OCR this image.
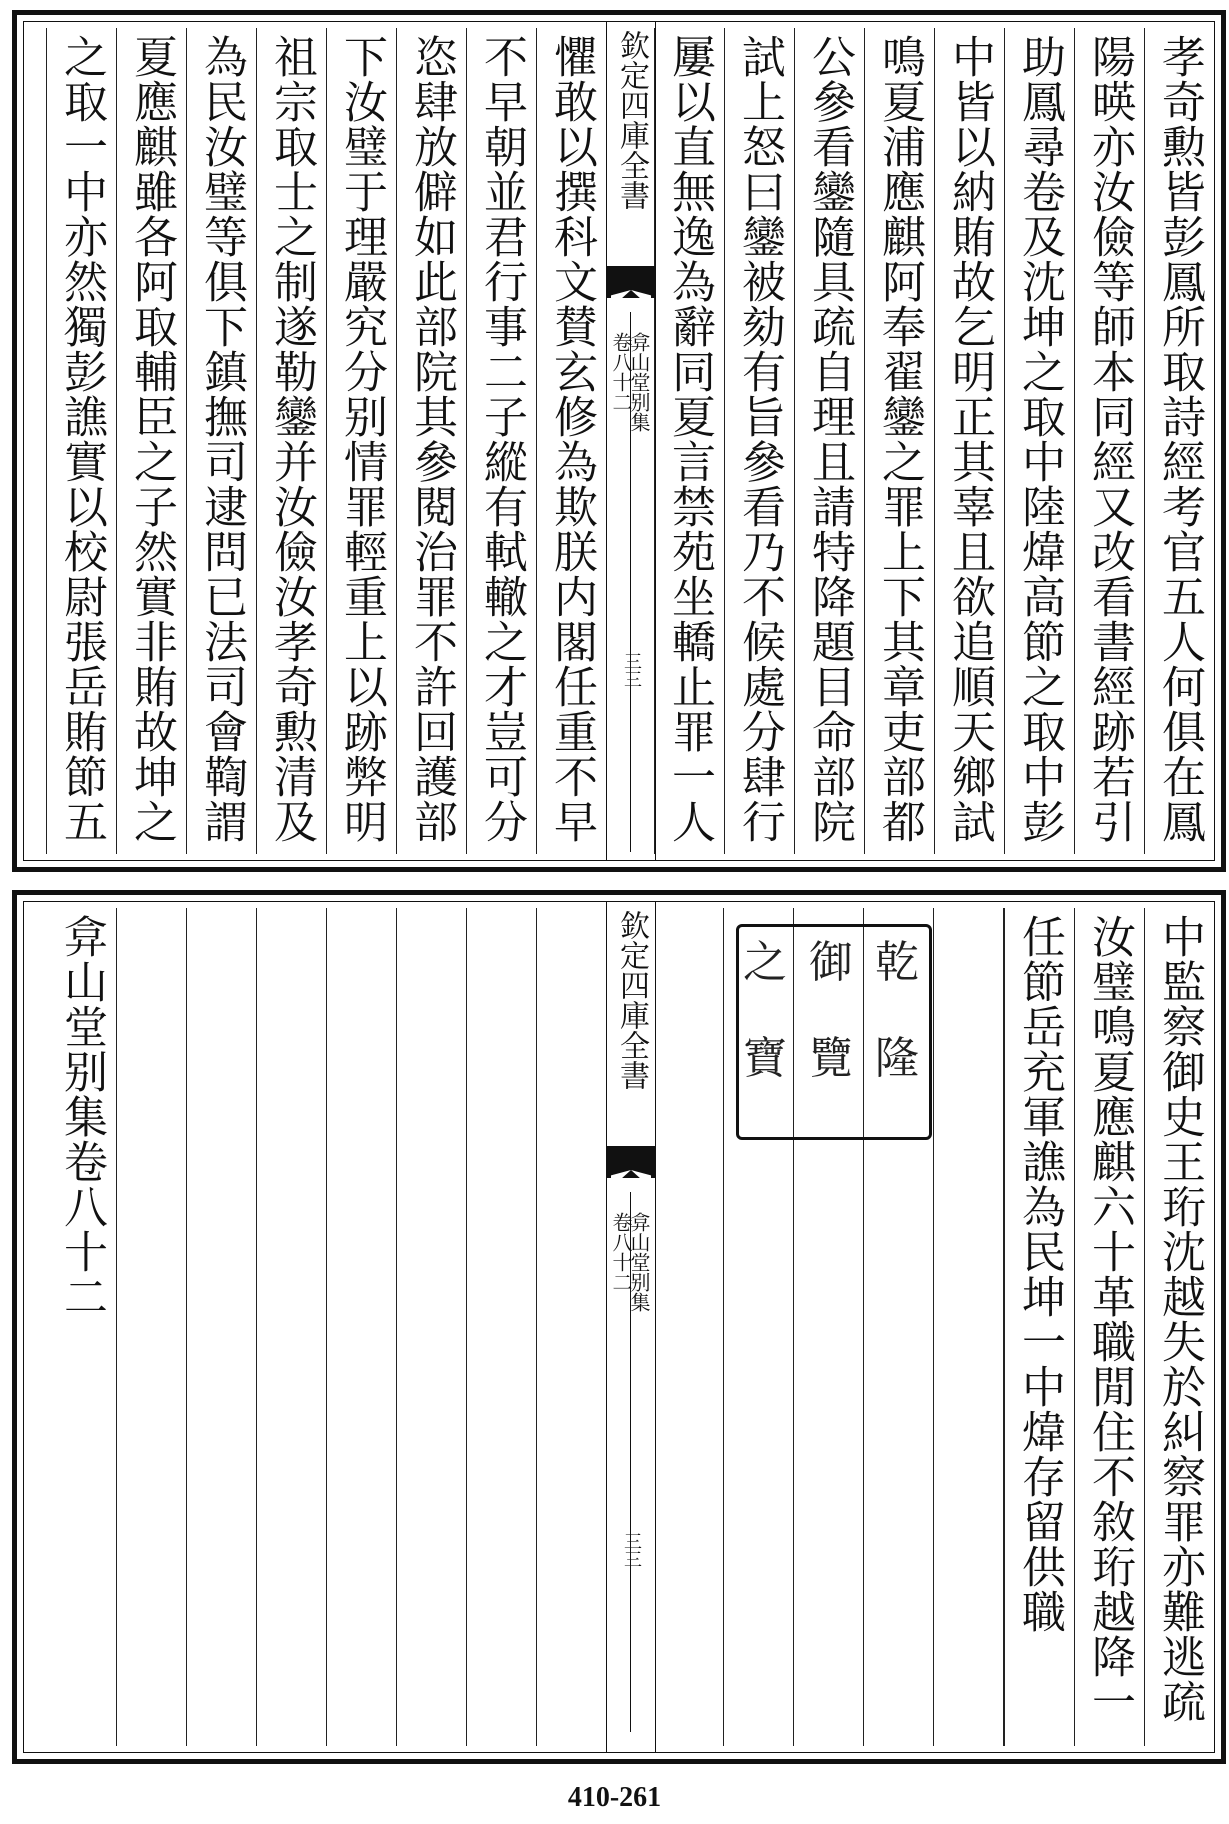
孝奇勲皆彭鳳所取詩經考官五人何俱在鳳
陽暎亦汝儉等師本同經又改看書經跡若引
助鳳尋卷及沈坤之取中陸煒高節之取中彭
中皆以納賄故乞明正其辜且欲追順天鄉試
鳴夏浦應麒阿奉翟鑾之罪上下其章吏部都
公參看鑾隨具疏自理且請特降題目命部院
試上怒曰鑾被劾有旨參看乃不候處分肆行
屢以直無逸為辭同夏言禁苑坐轎止罪一人
欽定四庫全書
弇山堂别集
卷八十二
三三
懼敢以撰科文賛玄修為欺朕内閣任重不早
不早朝並君行事二子縱有軾轍之才豈可分
恣肆放僻如此部院其參閱治罪不許回護部
下汝璧于理嚴究分别情罪輕重上以跡弊明
祖宗取士之制遂勒鑾并汝儉汝孝奇勲清及
為民汝璧等俱下鎮撫司逮問已法司會鞫謂
夏應麒雖各阿取輔臣之子然實非賄故坤之
之取一中亦然獨彭譙實以校尉張岳賄節五
中監察御史王珩沈越失於糾察罪亦難逃疏
汝璧鳴夏應麒六十革職閒住不敘珩越降一
任節岳充軍譙為民坤一中煒存留供職
乾
隆
御
覽
之
寶
欽定四庫全書
弇山堂别集
卷八十二
三三
弇山堂别集卷八十二
410-261
